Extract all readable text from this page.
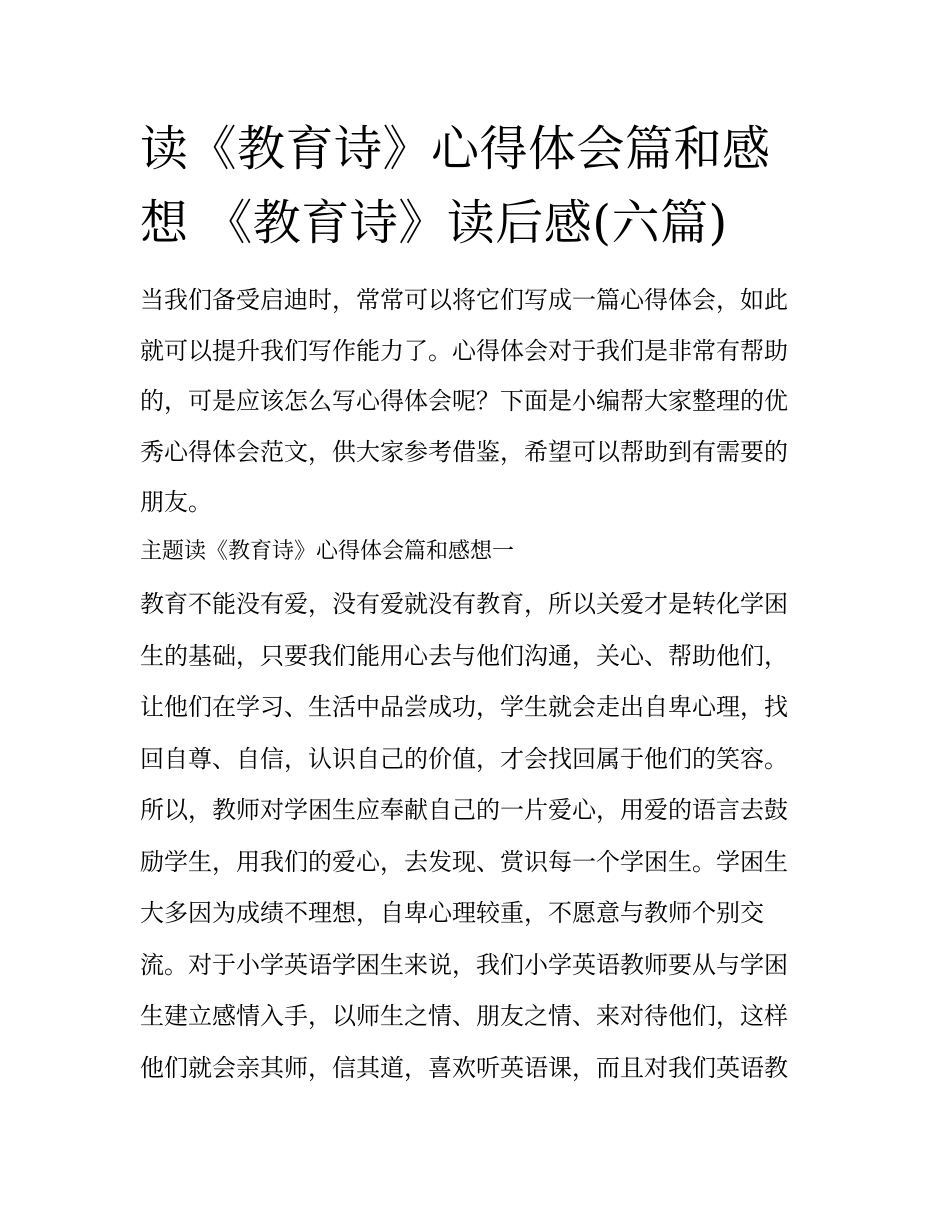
读《教育诗》心得体会篇和感
想 《教育诗》读后感(六篇)
当我们备受启迪时，常常可以将它们写成一篇心得体会，如此
就可以提升我们写作能力了。心得体会对于我们是非常有帮助
的，可是应该怎么写心得体会呢？下面是小编帮大家整理的优
秀心得体会范文，供大家参考借鉴，希望可以帮助到有需要的
朋友。
主题读《教育诗》心得体会篇和感想一
教育不能没有爱，没有爱就没有教育，所以关爱才是转化学困
生的基础，只要我们能用心去与他们沟通，关心、帮助他们，
让他们在学习、生活中品尝成功，学生就会走出自卑心理，找
回自尊、自信，认识自己的价值，才会找回属于他们的笑容。
所以，教师对学困生应奉献自己的一片爱心，用爱的语言去鼓
励学生，用我们的爱心，去发现、赏识每一个学困生。学困生
大多因为成绩不理想，自卑心理较重，不愿意与教师个别交
流。对于小学英语学困生来说，我们小学英语教师要从与学困
生建立感情入手，以师生之情、朋友之情、来对待他们，这样
他们就会亲其师，信其道，喜欢听英语课，而且对我们英语教
